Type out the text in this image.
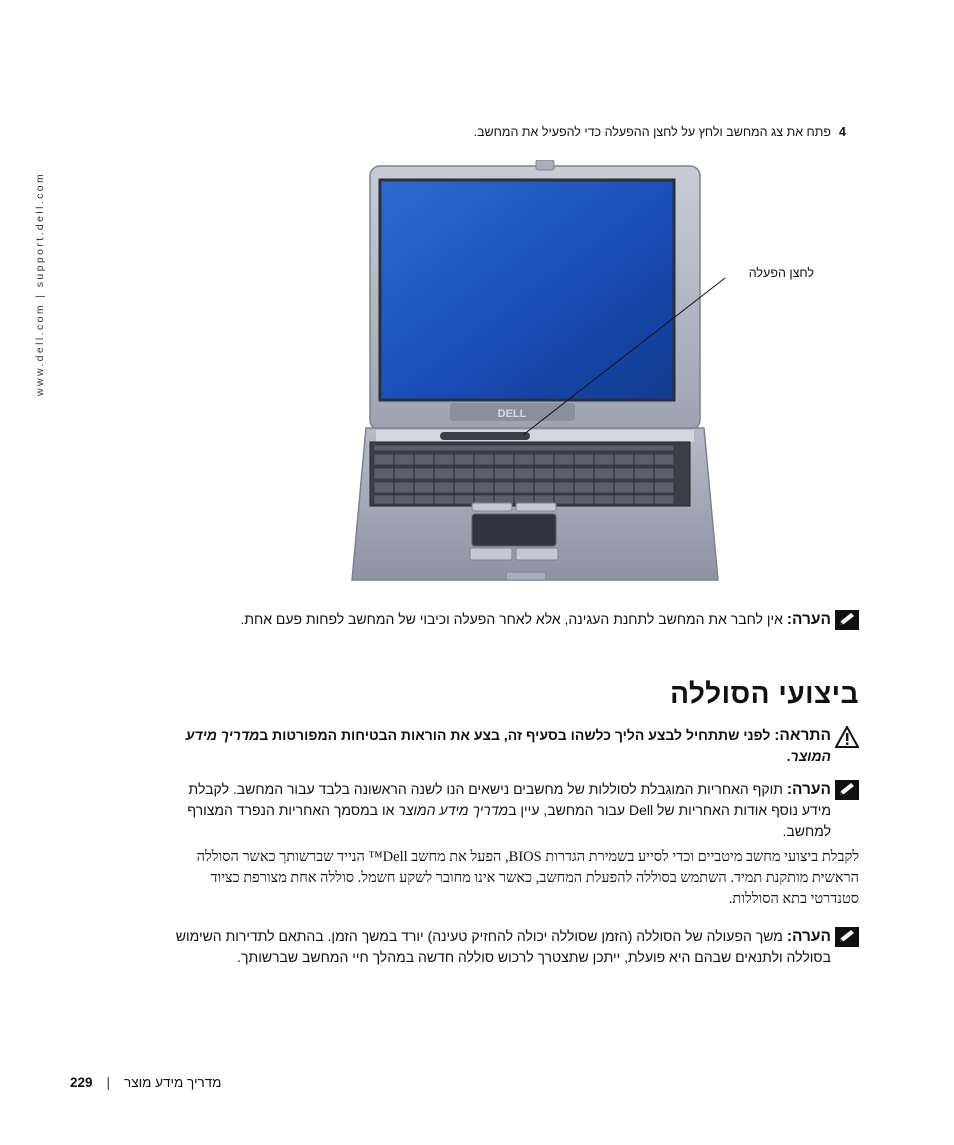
www.dell.com | support.dell.com
4פתח את צג המחשב ולחץ על לחצן ההפעלה כדי להפעיל את המחשב.
DELL
לחצן הפעלה
הערה: אין לחבר את המחשב לתחנת העגינה, אלא לאחר הפעלה וכיבוי של המחשב לפחות פעם אחת.
ביצועי הסוללה
התראה: לפני שתתחיל לבצע הליך כלשהו בסעיף זה, בצע את הוראות הבטיחות המפורטות במדריך מידע המוצר.
הערה: תוקף האחריות המוגבלת לסוללות של מחשבים נישאים הנו לשנה הראשונה בלבד עבור המחשב. לקבלת מידע נוסף אודות האחריות של Dell עבור המחשב, עיין במדריך מידע המוצר או במסמך האחריות הנפרד המצורף למחשב.
לקבלת ביצועי מחשב מיטביים וכדי לסייע בשמירת הגדרות BIOS, הפעל את מחשב Dell™ הנייד שברשותך כאשר הסוללה הראשית מותקנת תמיד. השתמש בסוללה להפעלת המחשב, כאשר אינו מחובר לשקע חשמל. סוללה אחת מצורפת כציוד סטנדרטי בתא הסוללות.
הערה: משך הפעולה של הסוללה (הזמן שסוללה יכולה להחזיק טעינה) יורד במשך הזמן. בהתאם לתדירות השימוש בסוללה ולתנאים שבהם היא פועלת, ייתכן שתצטרך לרכוש סוללה חדשה במהלך חיי המחשב שברשותך.
229 | מדריך מידע מוצר
